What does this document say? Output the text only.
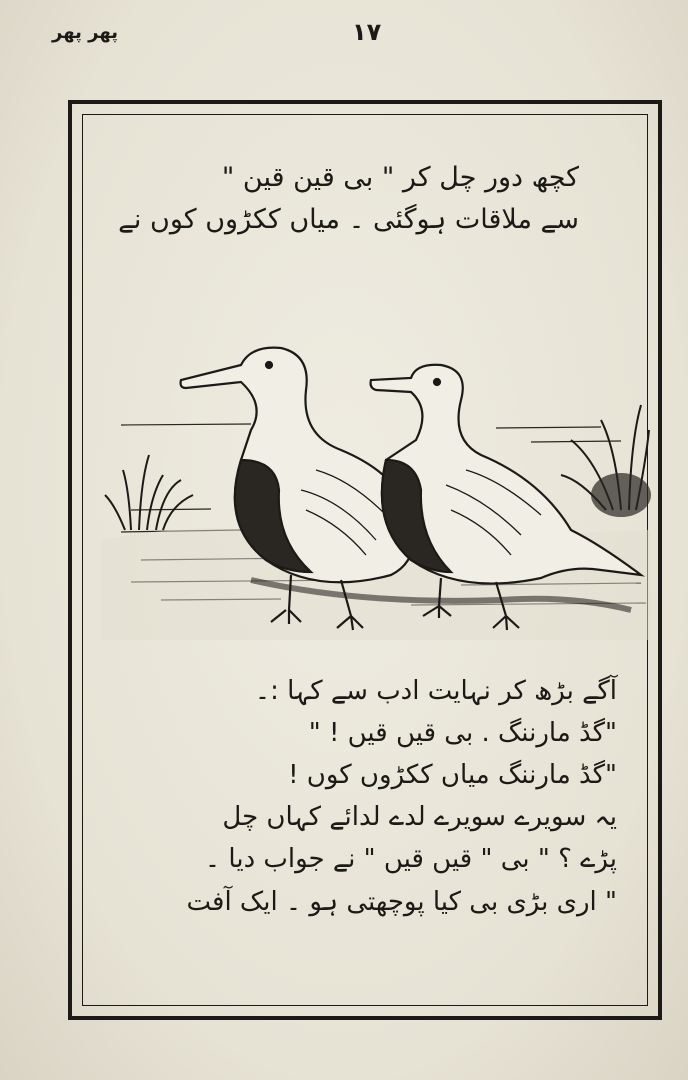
پھر پھر	۱۷
کچھ دور چل کر " بی قین قین "
سے ملاقات ہوگئی ۔ میاں ککڑوں کوں نے
آگے بڑھ کر نہایت ادب سے کہا :۔
"گڈ مارننگ . بی قیں قیں ! "
"گڈ مارننگ میاں ککڑوں کوں !
یہ سویرے سویرے لدے لدائے کہاں چل
پڑے ؟ " بی " قیں قیں " نے جواب دیا ۔
" اری بڑی بی کیا پوچھتی ہو ۔ ایک آفت
